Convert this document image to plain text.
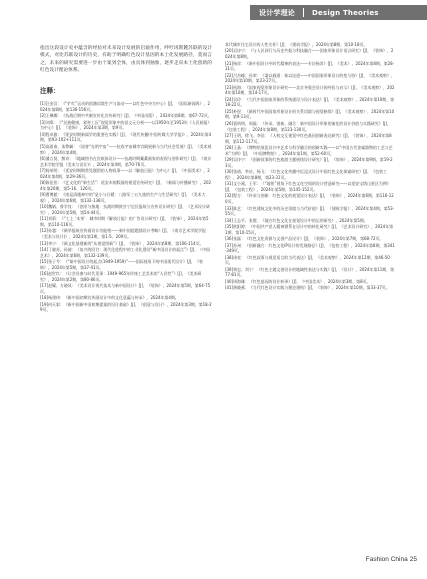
设计学理论 Design Theories

指出这段设计史中蕴含的经验对未来设计发展的启迪作用，呼吁再斯麓苏联的设计模式，对比苏联设计的历史，有助于明确红色设计基因的本土化发展路径，莫而言之，未来的研究需要进一步由个案到全体，由具体到抽象，逐步走向本土化创新的红色设计理论体系。

注释：
[1]汪金汉：《“扩红”运动的固激语境生产与流动——以红色中央为中心》[J]，《国际新闻界》，2024年第8期，第136-156页。
[2]王琳娜：《抗战后期中共制宣传化宣传研究》[J]，《中国出版》，2024年第8期，第67-72页。
[3]刘郑：《“民族健康，邪害工匠”视觉形象中的意义元分析——以1950年至1953年《人民画报》为中心》[J]，《装饰》，2024年第3期，第9页。
[4]程卓雅：《延安时期新闻学的重要在实践》[J]，《现代传播(中国传媒大学学报)》，2024年第4期，第93-102+111页。
[5]高嘉南、朱擎娴：《遥寄“光明宇宙”——抗戏宇宙城市宫殿展新与当代社会发展》[J]，《美术观察》，2024年第4期。
[6]潘言贤、熊奇：《地域图书在宣纸体设计——抗战时期藏桑画家的表现与创作研究》[J]，《南京艺术学院学报（美术与设计)》，2024年第4期，第70-76页。
[7]杨荣明：《延安时期期常见题图的人物叙事——以《解放日报》为中心》[J]，《中国美术》，2024年第4期，第29-36页。
[8]陈佳怡：《艺文化的“新生活”：延安木刻版画的视觉宣传研究》[J]，《新闻与传播研究》，2024年第20期，第5-16、126页。
[9]曹博慈：《南昆清楼神中的“是小与日暖：八路军三五九旅的生产与生活研究》[J]，《美术大观》，2024年第6期，第132-138页。
[10]魏婧、鲁学良：《创业与接地：抗战时期陕甘宁边区报纸与宣传设计研究》[J]，《艺术设计研究》，2024年第5期，第54-44页。
[11]刘莉：《“工上 ‘木茶’：城市时期《解放日报》的广告设计研究》[J]，《装饰》，2024年第5期，第110-116页。
[12]孙越：《新华报纸宣传画设计功能相——新中国提题插设计考略》[J]，《南京艺术学院学报（美术与设计)》，2024年第1期，第1-5、209页。
[13]李宁：《新文化基建新的“从视觉图新”》[J]，《装饰》，2024年第8期，第106-114页。
[14]丁晓苏、孙倩：《复兴的回甘：现代化进程中的工业化建设“新中国设计的起点”》[J]，《中国艺术》，2024年第6期，第132-139页。
[15]张子芩：《“新中国设计的起点(1949-1959)”——国际视角下的中国现代设计》[J]，《装饰》，2024年第5期，第37-41页。
[16]赵世红：《让会设参与时代见事：1949-965年传统工艺美术的“人民性”》[J]，《美术研究》，2024年第2期，第80-86页。
[17]赵耀、方晓风：《美术设计现代技术与新中国设计》[J]，《装饰》，2024年第5期，第64-75页。
[18]杨建伟：《新中国初期宣传画设计中的文化意蕴与传承》，2024年第4期。
[19]何天彩：《新中国新中国初期提案的设计基础》[J]，《创意与设计》，2024年第3期，第18-29页。
本代城市住宅设计的人性关怀》[J]，《建筑学报》，2024年第8期，第10-18页。
[20]吴诗宁：《与人民同行与历史共振与科技融合——国家形象设计语言研究》[J]，《装饰》，2024年第8期。
[21]杨淳：《新中国设计中时代精神的表达——专访杨淳》[J]，《美术》，2024年第8期，第28-31页。
[22]吕杰峰，孙荣：《器以载道：象以达道——中国国家形象设计的变与协》[J]，《美术观察》，2024年第10期，第23-27页。
[23]杭海：《国家视觉形象设计研究——北京冬奥会设计的经验与启示》[J]，《美术观察》，2024年第10期，第14-17页。
[24]吴玲：《当代中国国家形象的系统建设与设计表达》[J]，《美术观察》，2024年第10期，第18-22页。
[25]朴煜：《新时代中国国家形象设计的关系语境与视觉修辞》[J]，《美术观察》，2024年第10期，第9-13页。
[26]裴明明、周磊：《传承、创新、融合：新中国设计形象的演化的设计价值与实践研究》[J]，《包装工程》，2024年第8期，第123-130页。
[27]王明、徐飞、李佳：《人机交互视觉中红色基因创新表达研究》[J]，《装饰》，2024年第8期，第112-117页。
[28]王晶：《博物馆展览设计中艺术与科学融合的创新实践——以“中国古代金属器物的工艺与艺术”为例》[J]，《中国博物馆》，2024年第1期，第52-60页。
[29]吴诗宁：《创新叙事的红色旅游主题展线设计研究》[J]，《装饰》，2024年第9期，第19-23页。
[30]张倩、李庆、杨飞：《红色文化传播中沉浸式设计中国红色文化探索研究》[J]，《包装工程》，2024年第8期，第23-31页。
[31]文小溪、王军：《“地景”视角下红色文化空间的设计营造研究——以延安宝塔山景区为例》[J]，《包装工程》，2024年第5期，第145-152页。
[32]程方：《传承与创新：红色文化的视觉设计表达》[J]，《装饰》，2024年第6期，第116-120页。
[33]陈艺：《红色建筑文化中的历史语境与当代价值》[J]，《建筑学报》，2024年第4期，第53-55页。
[34]王志平、张霞：《地方红色文化在视觉设计中的运用研究》，2024年第5期。
[35]欧阳婷：《中国共产党人精神谱系在设计中的转化研究》[J]，《艺术设计研究》，2024年第1期，第10-15页。
[36]张磊：《红色文化资源与文创产品设计》[J]，《装饰》，2024年第7期，第68-72页。
[37]苏州：《创新融合：红色文化IP设计的发展路径》[J]，《包装工程》，2024年第8期，第341-349页。
[38]周亮：《红色叙事与视觉语言的当代表达》[J]，《美术观察》，2024年第12期，第46-50页。
[39]黄忠、刘宁：《红色主题文创设计的地域性表达与实践》[J]，《设计》，2024年第11期，第77-81页。
[40]周海雄：《红色基因的设计转译》[J]，《中国美术》，2024年第3期，第8页。
[41]黄晓燕：《当代红色设计实践与理论建构》[J]，《装饰》，2024年第10期，第33-37页。
Fashion China 25
